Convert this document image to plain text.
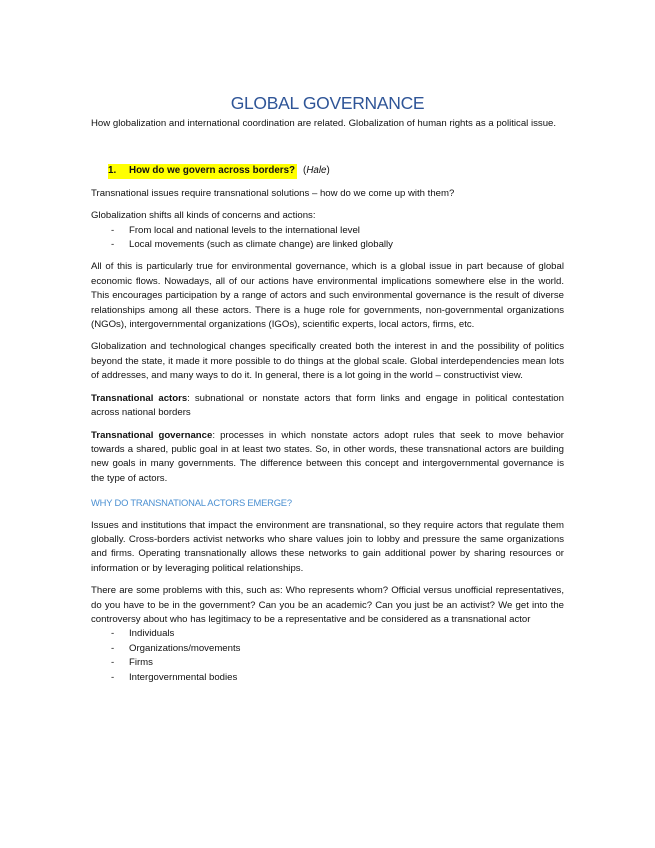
GLOBAL GOVERNANCE

How globalization and international coordination are related. Globalization of human rights as a political issue.

1. How do we govern across borders? (Hale)

Transnational issues require transnational solutions – how do we come up with them?

Globalization shifts all kinds of concerns and actions:

- From local and national levels to the international level
- Local movements (such as climate change) are linked globally

All of this is particularly true for environmental governance, which is a global issue in part because of global economic flows. Nowadays, all of our actions have environmental implications somewhere else in the world. This encourages participation by a range of actors and such environmental governance is the result of diverse relationships among all these actors. There is a huge role for governments, non-governmental organizations (NGOs), intergovernmental organizations (IGOs), scientific experts, local actors, firms, etc.

Globalization and technological changes specifically created both the interest in and the possibility of politics beyond the state, it made it more possible to do things at the global scale. Global interdependencies mean lots of addresses, and many ways to do it. In general, there is a lot going in the world – constructivist view.

Transnational actors: subnational or nonstate actors that form links and engage in political contestation across national borders

Transnational governance: processes in which nonstate actors adopt rules that seek to move behavior towards a shared, public goal in at least two states. So, in other words, these transnational actors are building new goals in many governments. The difference between this concept and intergovernmental governance is the type of actors.

WHY DO TRANSNATIONAL ACTORS EMERGE?

Issues and institutions that impact the environment are transnational, so they require actors that regulate them globally. Cross-borders activist networks who share values join to lobby and pressure the same organizations and firms. Operating transnationally allows these networks to gain additional power by sharing resources or information or by leveraging political relationships.

There are some problems with this, such as: Who represents whom? Official versus unofficial representatives, do you have to be in the government? Can you be an academic? Can you just be an activist? We get into the controversy about who has legitimacy to be a representative and be considered as a transnational actor

- Individuals
- Organizations/movements
- Firms
- Intergovernmental bodies
